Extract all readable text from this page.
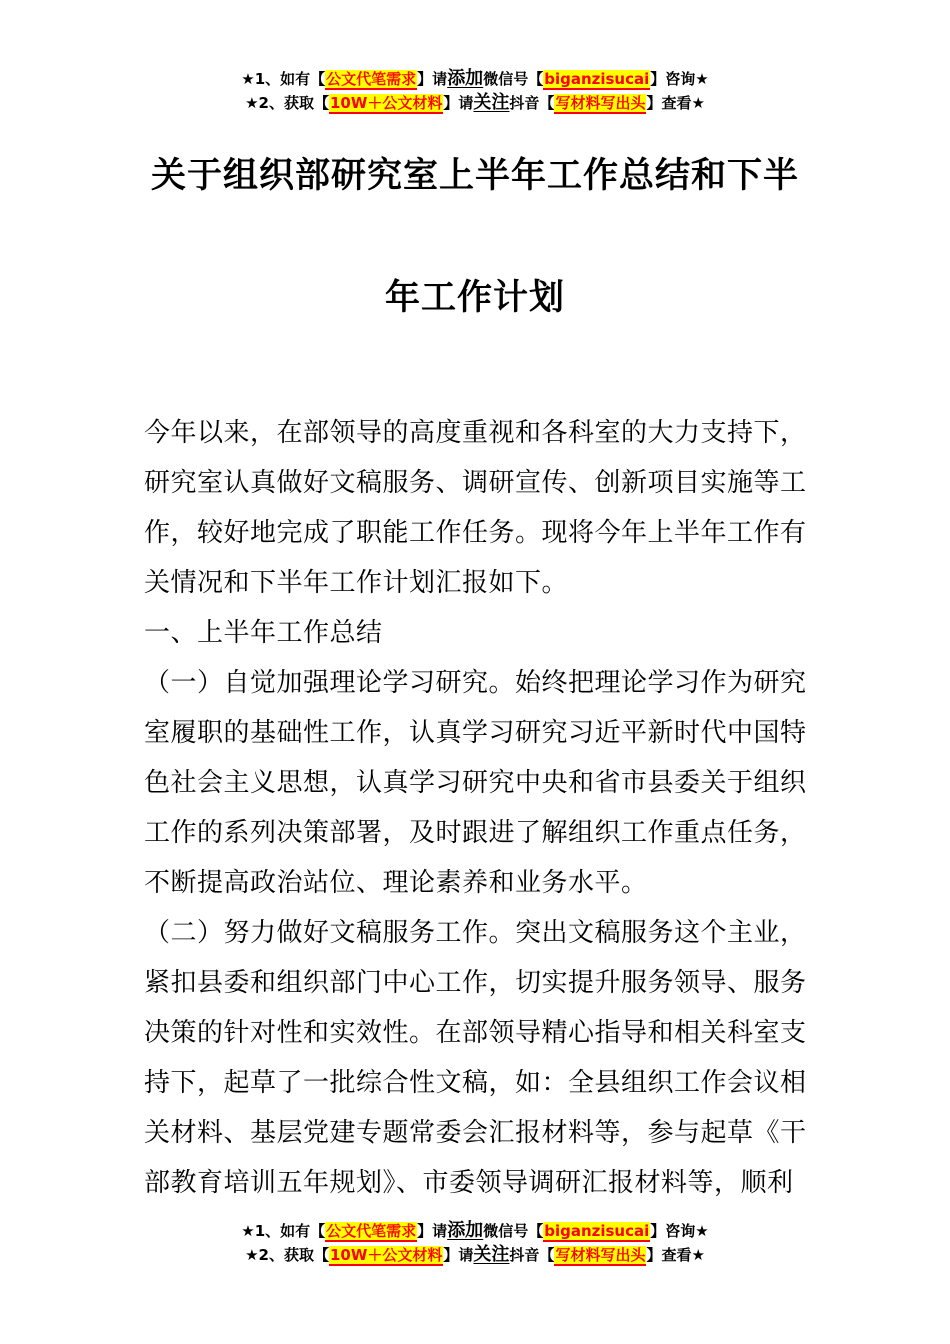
★1、如有【公文代笔需求】请添加微信号【biganzisucai】咨询★
★2、获取【10W＋公文材料】请关注抖音【写材料写出头】查看★
关于组织部研究室上半年工作总结和下半
年工作计划

今年以来，在部领导的高度重视和各科室的大力支持下，研究室认真做好文稿服务、调研宣传、创新项目实施等工作，较好地完成了职能工作任务。现将今年上半年工作有关情况和下半年工作计划汇报如下。

一、上半年工作总结

（一）自觉加强理论学习研究。始终把理论学习作为研究室履职的基础性工作，认真学习研究习近平新时代中国特色社会主义思想，认真学习研究中央和省市县委关于组织工作的系列决策部署，及时跟进了解组织工作重点任务，不断提高政治站位、理论素养和业务水平。

（二）努力做好文稿服务工作。突出文稿服务这个主业，紧扣县委和组织部门中心工作，切实提升服务领导、服务决策的针对性和实效性。在部领导精心指导和相关科室支持下，起草了一批综合性文稿，如：全县组织工作会议相关材料、基层党建专题常委会汇报材料等，参与起草《干部教育培训五年规划》、市委领导调研汇报材料等，顺利

★1、如有【公文代笔需求】请添加微信号【biganzisucai】咨询★
★2、获取【10W＋公文材料】请关注抖音【写材料写出头】查看★
